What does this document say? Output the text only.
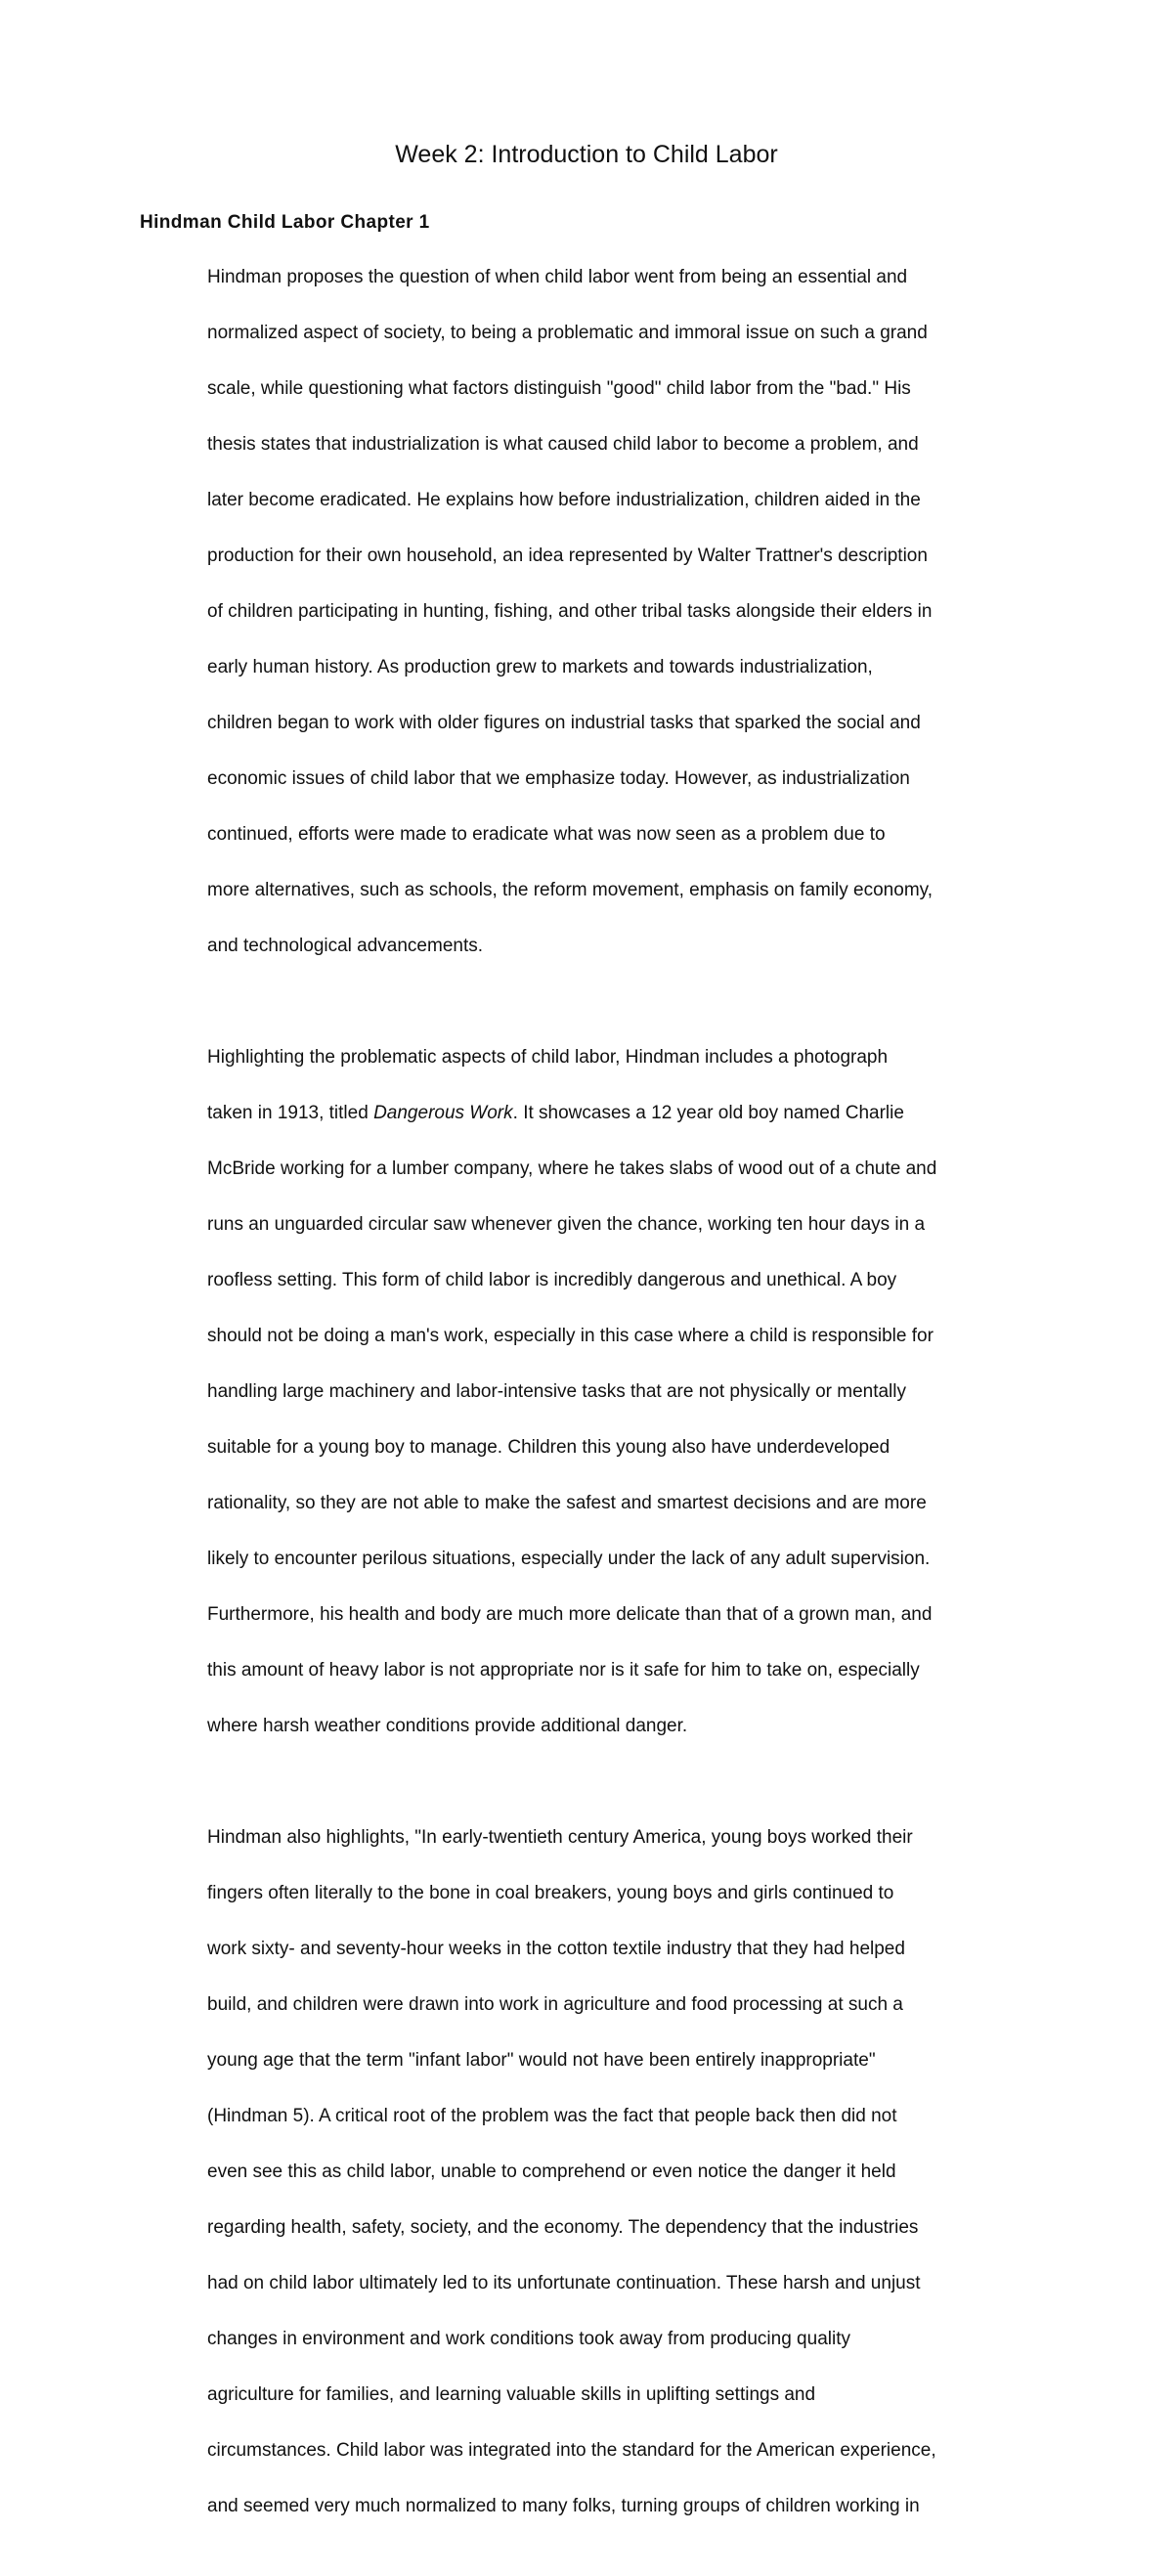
Week 2: Introduction to Child Labor
Hindman Child Labor Chapter 1

Hindman proposes the question of when child labor went from being an essential and

normalized aspect of society, to being a problematic and immoral issue on such a grand

scale, while questioning what factors distinguish "good" child labor from the "bad." His

thesis states that industrialization is what caused child labor to become a problem, and

later become eradicated. He explains how before industrialization, children aided in the

production for their own household, an idea represented by Walter Trattner's description

of children participating in hunting, fishing, and other tribal tasks alongside their elders in

early human history. As production grew to markets and towards industrialization,

children began to work with older figures on industrial tasks that sparked the social and

economic issues of child labor that we emphasize today. However, as industrialization

continued, efforts were made to eradicate what was now seen as a problem due to

more alternatives, such as schools, the reform movement, emphasis on family economy,

and technological advancements.

Highlighting the problematic aspects of child labor, Hindman includes a photograph

taken in 1913, titled Dangerous Work. It showcases a 12 year old boy named Charlie

McBride working for a lumber company, where he takes slabs of wood out of a chute and

runs an unguarded circular saw whenever given the chance, working ten hour days in a

roofless setting. This form of child labor is incredibly dangerous and unethical. A boy

should not be doing a man's work, especially in this case where a child is responsible for

handling large machinery and labor-intensive tasks that are not physically or mentally

suitable for a young boy to manage. Children this young also have underdeveloped

rationality, so they are not able to make the safest and smartest decisions and are more

likely to encounter perilous situations, especially under the lack of any adult supervision.

Furthermore, his health and body are much more delicate than that of a grown man, and

this amount of heavy labor is not appropriate nor is it safe for him to take on, especially

where harsh weather conditions provide additional danger.

Hindman also highlights, "In early-twentieth century America, young boys worked their

fingers often literally to the bone in coal breakers, young boys and girls continued to

work sixty- and seventy-hour weeks in the cotton textile industry that they had helped

build, and children were drawn into work in agriculture and food processing at such a

young age that the term "infant labor" would not have been entirely inappropriate"

(Hindman 5). A critical root of the problem was the fact that people back then did not

even see this as child labor, unable to comprehend or even notice the danger it held

regarding health, safety, society, and the economy. The dependency that the industries

had on child labor ultimately led to its unfortunate continuation. These harsh and unjust

changes in environment and work conditions took away from producing quality

agriculture for families, and learning valuable skills in uplifting settings and

circumstances. Child labor was integrated into the standard for the American experience,

and seemed very much normalized to many folks, turning groups of children working in
